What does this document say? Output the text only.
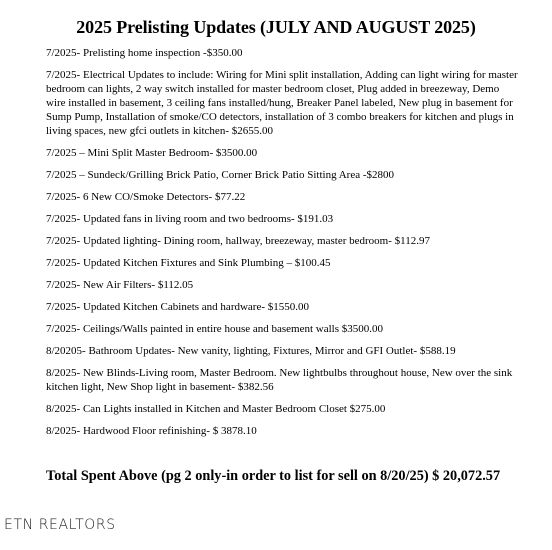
2025 Prelisting Updates (JULY AND AUGUST 2025)

7/2025- Prelisting home inspection -$350.00

7/2025- Electrical Updates to include: Wiring for Mini split installation, Adding can light wiring for master bedroom can lights, 2 way switch installed for master bedroom closet, Plug added in breezeway, Demo wire installed in basement, 3 ceiling fans installed/hung, Breaker Panel labeled, New plug in basement for Sump Pump, Installation of smoke/CO detectors, installation of 3 combo breakers for kitchen and plugs in living spaces, new gfci outlets in kitchen- $2655.00

7/2025 – Mini Split Master Bedroom- $3500.00

7/2025 – Sundeck/Grilling Brick Patio, Corner Brick Patio Sitting Area -$2800

7/2025- 6 New CO/Smoke Detectors- $77.22

7/2025- Updated fans in living room and two bedrooms- $191.03

7/2025- Updated lighting- Dining room, hallway, breezeway, master bedroom- $112.97

7/2025- Updated Kitchen Fixtures and Sink Plumbing – $100.45

7/2025- New Air Filters- $112.05

7/2025- Updated Kitchen Cabinets and hardware- $1550.00

7/2025- Ceilings/Walls painted in entire house and basement walls $3500.00

8/20205- Bathroom Updates- New vanity, lighting, Fixtures, Mirror and GFI Outlet- $588.19

8/2025- New Blinds-Living room, Master Bedroom. New lightbulbs throughout house, New over the sink kitchen light, New Shop light in basement- $382.56

8/2025- Can Lights installed in Kitchen and Master Bedroom Closet $275.00

8/2025- Hardwood Floor refinishing- $ 3878.10

Total Spent Above (pg 2 only-in order to list for sell on 8/20/25) $ 20,072.57
ETN REALTORS
